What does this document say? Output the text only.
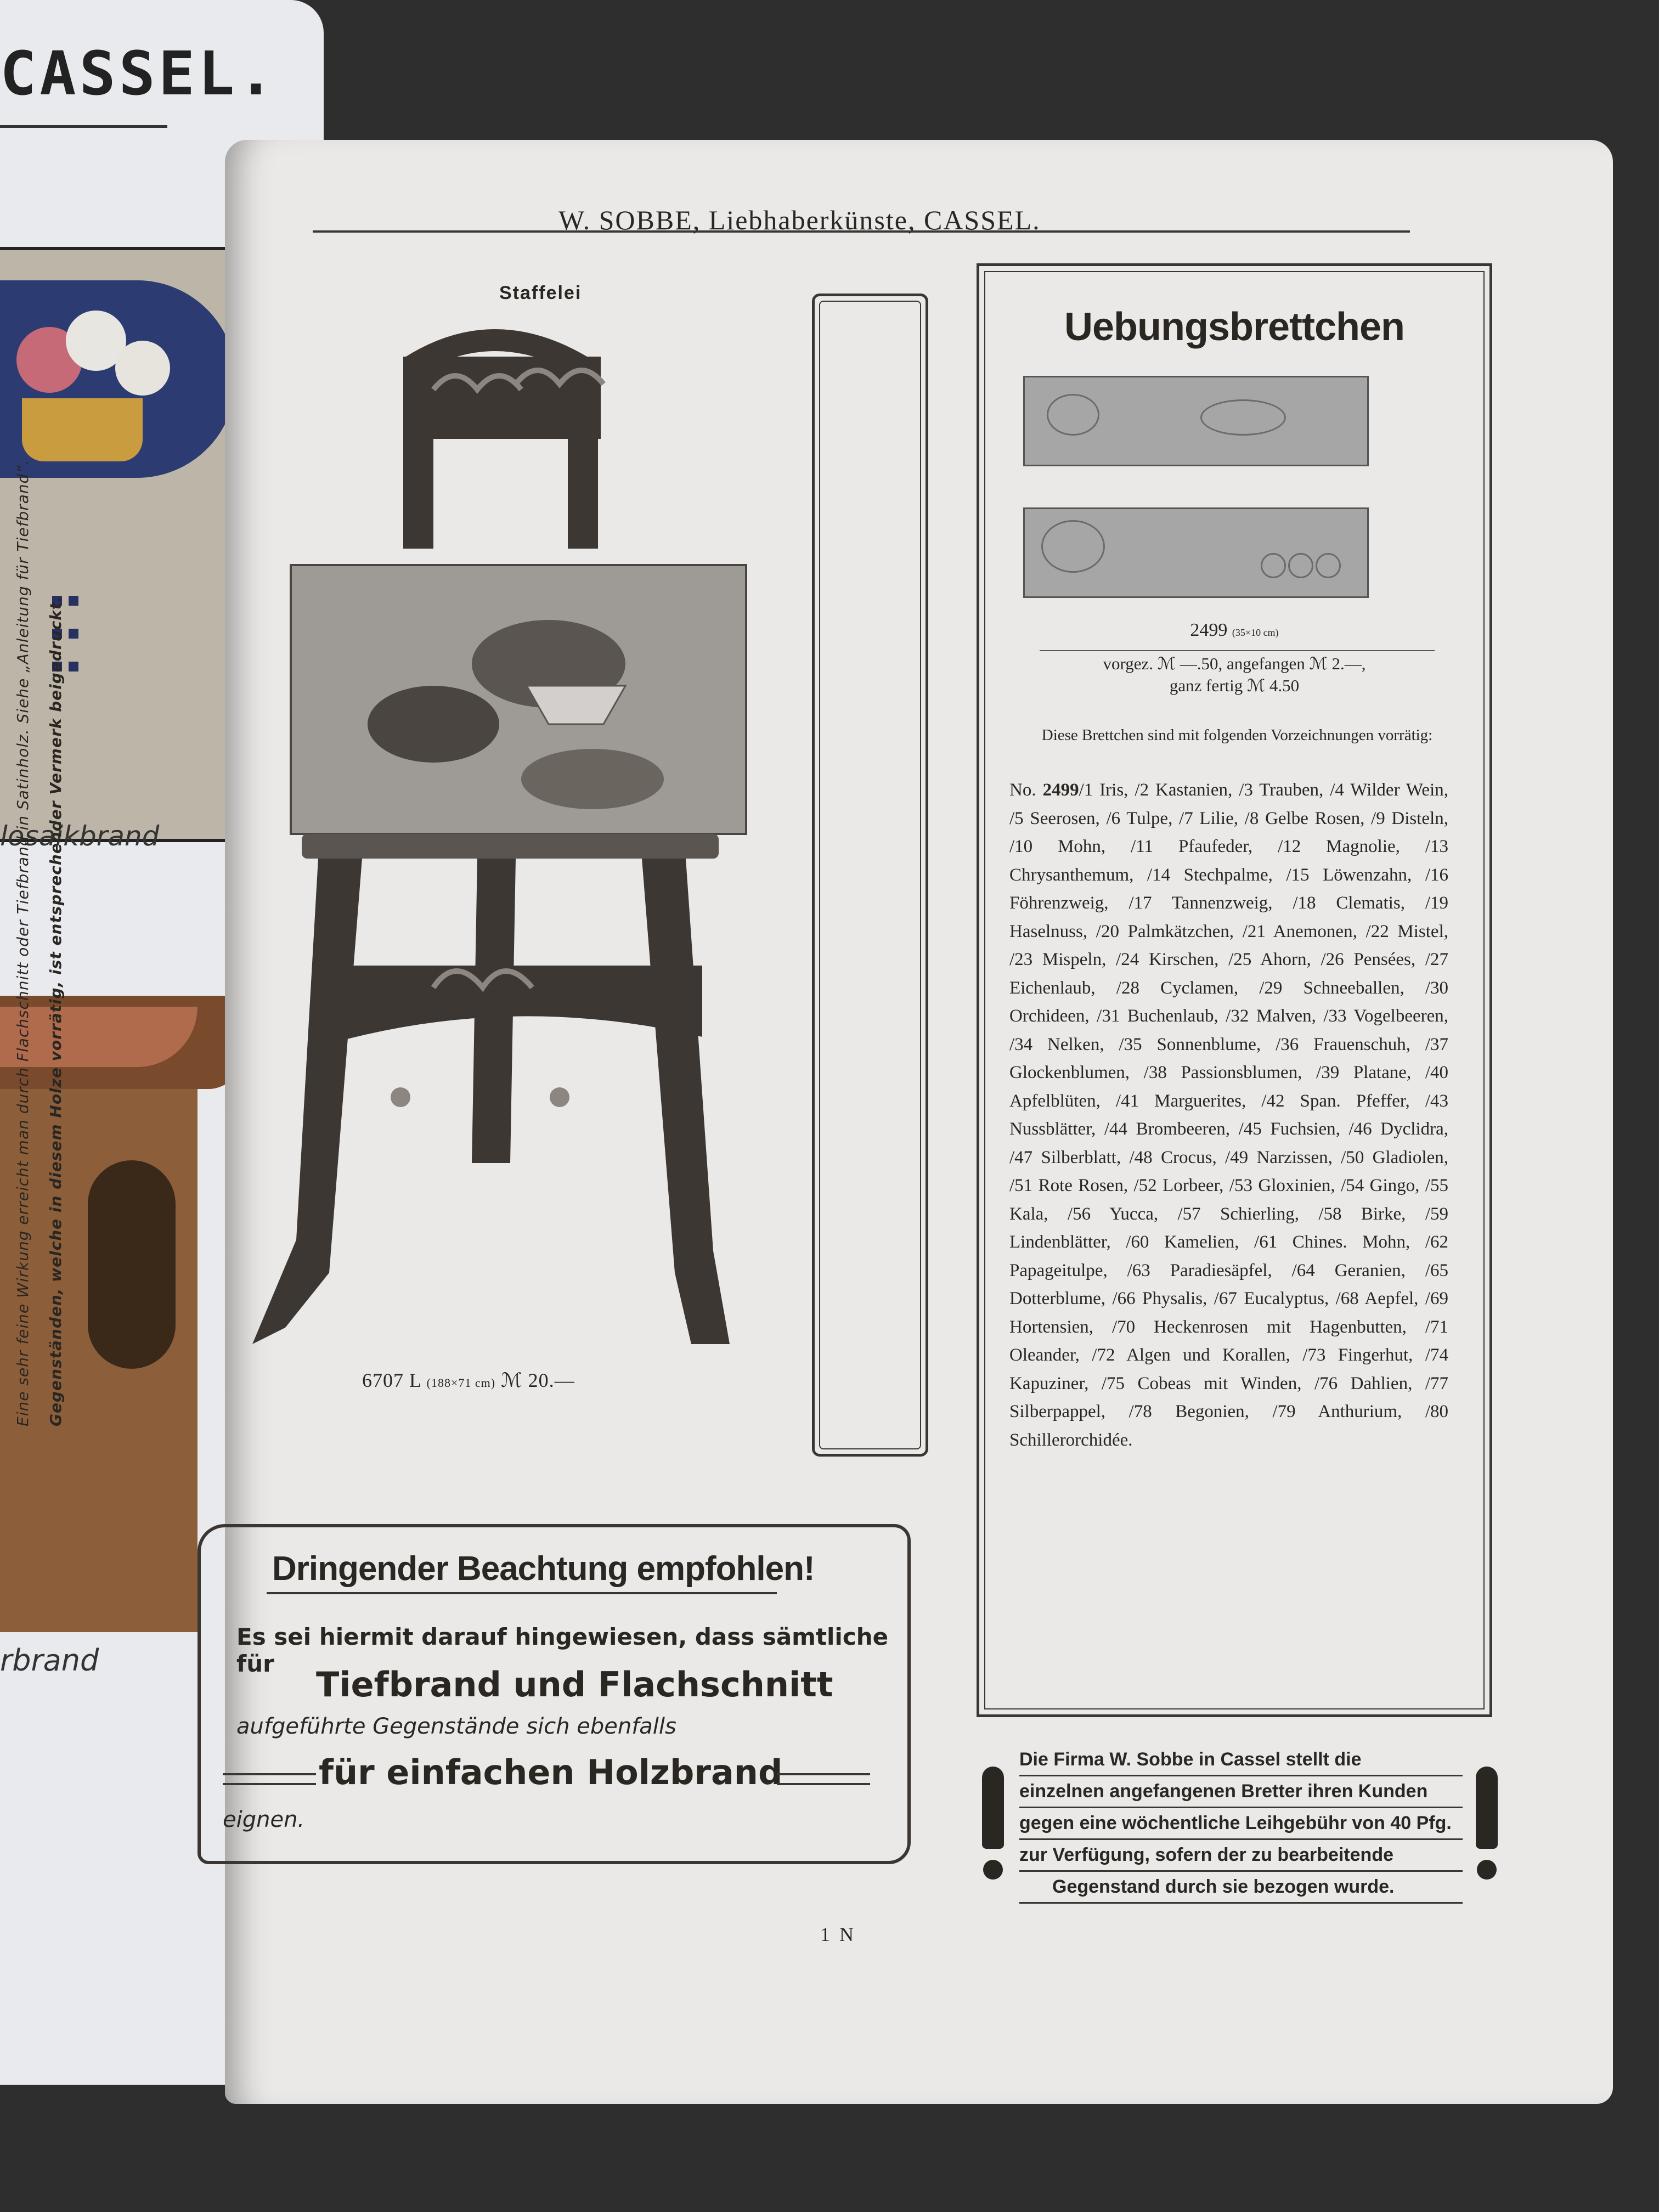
CASSEL.
losaikbrand
rbrand
W. SOBBE, Liebhaberkünste, CASSEL.
Staffelei
6707 L (188×71 cm) ℳ 20.—
Eine sehr feine Wirkung erreicht man durch Flachschnitt oder Tiefbrand in Satinholz. Siehe „Anleitung für Tiefbrand“. Gegenständen, welche in diesem Holze vorrätig, ist entsprechender Vermerk beigedruckt.
Uebungsbrettchen
2499 (35×10 cm)
vorgez. ℳ —.50, angefangen ℳ 2.—,
ganz fertig ℳ 4.50
Diese Brettchen sind mit folgenden Vorzeichnungen vorrätig:
No. 2499/1 Iris, /2 Kastanien, /3 Trauben, /4 Wilder Wein, /5 Seerosen, /6 Tulpe, /7 Lilie, /8 Gelbe Rosen, /9 Disteln, /10 Mohn, /11 Pfaufeder, /12 Magnolie, /13 Chrysanthemum, /14 Stechpalme, /15 Löwenzahn, /16 Föhrenzweig, /17 Tannenzweig, /18 Clematis, /19 Haselnuss, /20 Palmkätzchen, /21 Anemonen, /22 Mistel, /23 Mispeln, /24 Kirschen, /25 Ahorn, /26 Pensées, /27 Eichenlaub, /28 Cyclamen, /29 Schneeballen, /30 Orchideen, /31 Buchenlaub, /32 Malven, /33 Vogelbeeren, /34 Nelken, /35 Sonnenblume, /36 Frauenschuh, /37 Glockenblumen, /38 Passionsblumen, /39 Platane, /40 Apfelblüten, /41 Marguerites, /42 Span. Pfeffer, /43 Nussblätter, /44 Brombeeren, /45 Fuchsien, /46 Dyclidra, /47 Silberblatt, /48 Crocus, /49 Narzissen, /50 Gladiolen, /51 Rote Rosen, /52 Lorbeer, /53 Gloxinien, /54 Gingo, /55 Kala, /56 Yucca, /57 Schierling, /58 Birke, /59 Lindenblätter, /60 Kamelien, /61 Chines. Mohn, /62 Papageitulpe, /63 Paradiesäpfel, /64 Geranien, /65 Dotterblume, /66 Physalis, /67 Eucalyptus, /68 Aepfel, /69 Hortensien, /70 Heckenrosen mit Hagenbutten, /71 Oleander, /72 Algen und Korallen, /73 Fingerhut, /74 Kapuziner, /75 Cobeas mit Winden, /76 Dahlien, /77 Silberpappel, /78 Begonien, /79 Anthurium, /80 Schillerorchidée.
Dringender Beachtung empfohlen!
Es sei hiermit darauf hingewiesen, dass sämtliche für
Tiefbrand und Flachschnitt
aufgeführte Gegenstände sich ebenfalls
für einfachen Holzbrand
eignen.
Die Firma W. Sobbe in Cassel stellt die
einzelnen angefangenen Bretter ihren Kunden
gegen eine wöchentliche Leihgebühr von 40 Pfg.
zur Verfügung, sofern der zu bearbeitende
Gegenstand durch sie bezogen wurde.
1 N
